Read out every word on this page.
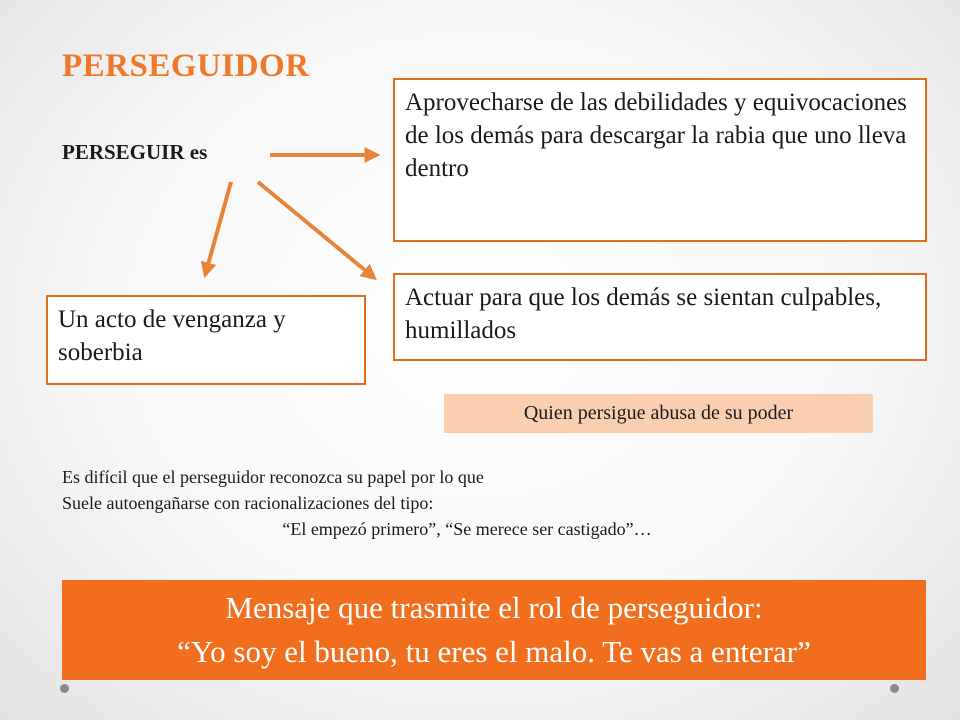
PERSEGUIDOR
PERSEGUIR es
Aprovecharse de las debilidades y equivocaciones de los demás para descargar la rabia que uno lleva dentro
Actuar para que los demás se sientan culpables, humillados
Un acto de venganza y soberbia
Quien persigue abusa de su poder
Es difícil que el perseguidor reconozca su papel por lo que
Suele autoengañarse con racionalizaciones del tipo:

“El empezó primero”, “Se merece ser castigado”…
Mensaje que trasmite el rol de perseguidor:
“Yo soy el bueno, tu eres el malo. Te vas a enterar”
